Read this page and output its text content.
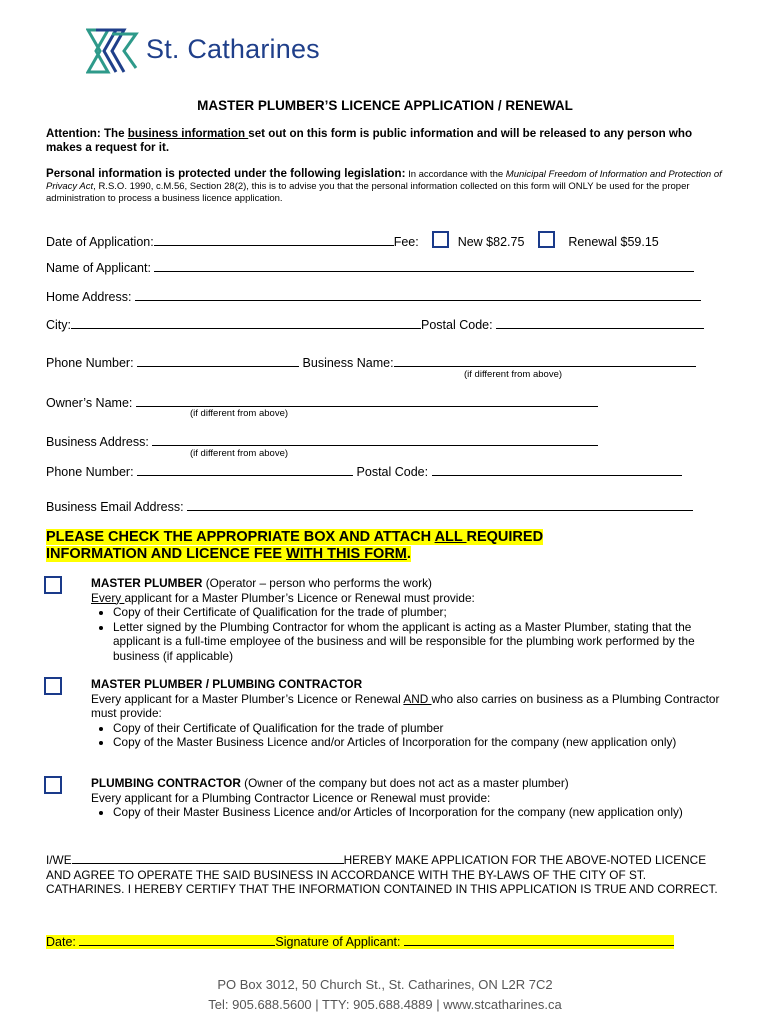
St. Catharines
MASTER PLUMBER’S LICENCE APPLICATION / RENEWAL
Attention: The business information set out on this form is public information and will be released to any person who makes a request for it.
Personal information is protected under the following legislation: In accordance with the Municipal Freedom of Information and Protection of Privacy Act, R.S.O. 1990, c.M.56, Section 28(2), this is to advise you that the personal information collected on this form will ONLY be used for the proper administration to process a business licence application.
Date of Application:	Fee:	New $82.75	Renewal $59.15
Name of Applicant:
Home Address:
City:	Postal Code:
Phone Number:	Business Name:
(if different from above)
Owner’s Name:
(if different from above)
Business Address:
(if different from above)
Phone Number:	Postal Code:
Business Email Address:
PLEASE CHECK THE APPROPRIATE BOX AND ATTACH ALL REQUIRED
INFORMATION AND LICENCE FEE WITH THIS FORM.
MASTER PLUMBER (Operator – person who performs the work)
Every applicant for a Master Plumber’s Licence or Renewal must provide:
• Copy of their Certificate of Qualification for the trade of plumber;
• Letter signed by the Plumbing Contractor for whom the applicant is acting as a Master Plumber, stating that the applicant is a full-time employee of the business and will be responsible for the plumbing work performed by the business (if applicable)
MASTER PLUMBER / PLUMBING CONTRACTOR
Every applicant for a Master Plumber’s Licence or Renewal AND who also carries on business as a Plumbing Contractor must provide:
• Copy of their Certificate of Qualification for the trade of plumber
• Copy of the Master Business Licence and/or Articles of Incorporation for the company (new application only)
PLUMBING CONTRACTOR (Owner of the company but does not act as a master plumber)
Every applicant for a Plumbing Contractor Licence or Renewal must provide:
• Copy of their Master Business Licence and/or Articles of Incorporation for the company (new application only)
I/WE	HEREBY MAKE APPLICATION FOR THE ABOVE-NOTED LICENCE AND AGREE TO OPERATE THE SAID BUSINESS IN ACCORDANCE WITH THE BY-LAWS OF THE CITY OF ST. CATHARINES. I HEREBY CERTIFY THAT THE INFORMATION CONTAINED IN THIS APPLICATION IS TRUE AND CORRECT.
Date:	Signature of Applicant:
PO Box 3012, 50 Church St., St. Catharines, ON L2R 7C2
Tel: 905.688.5600 | TTY: 905.688.4889 | www.stcatharines.ca
